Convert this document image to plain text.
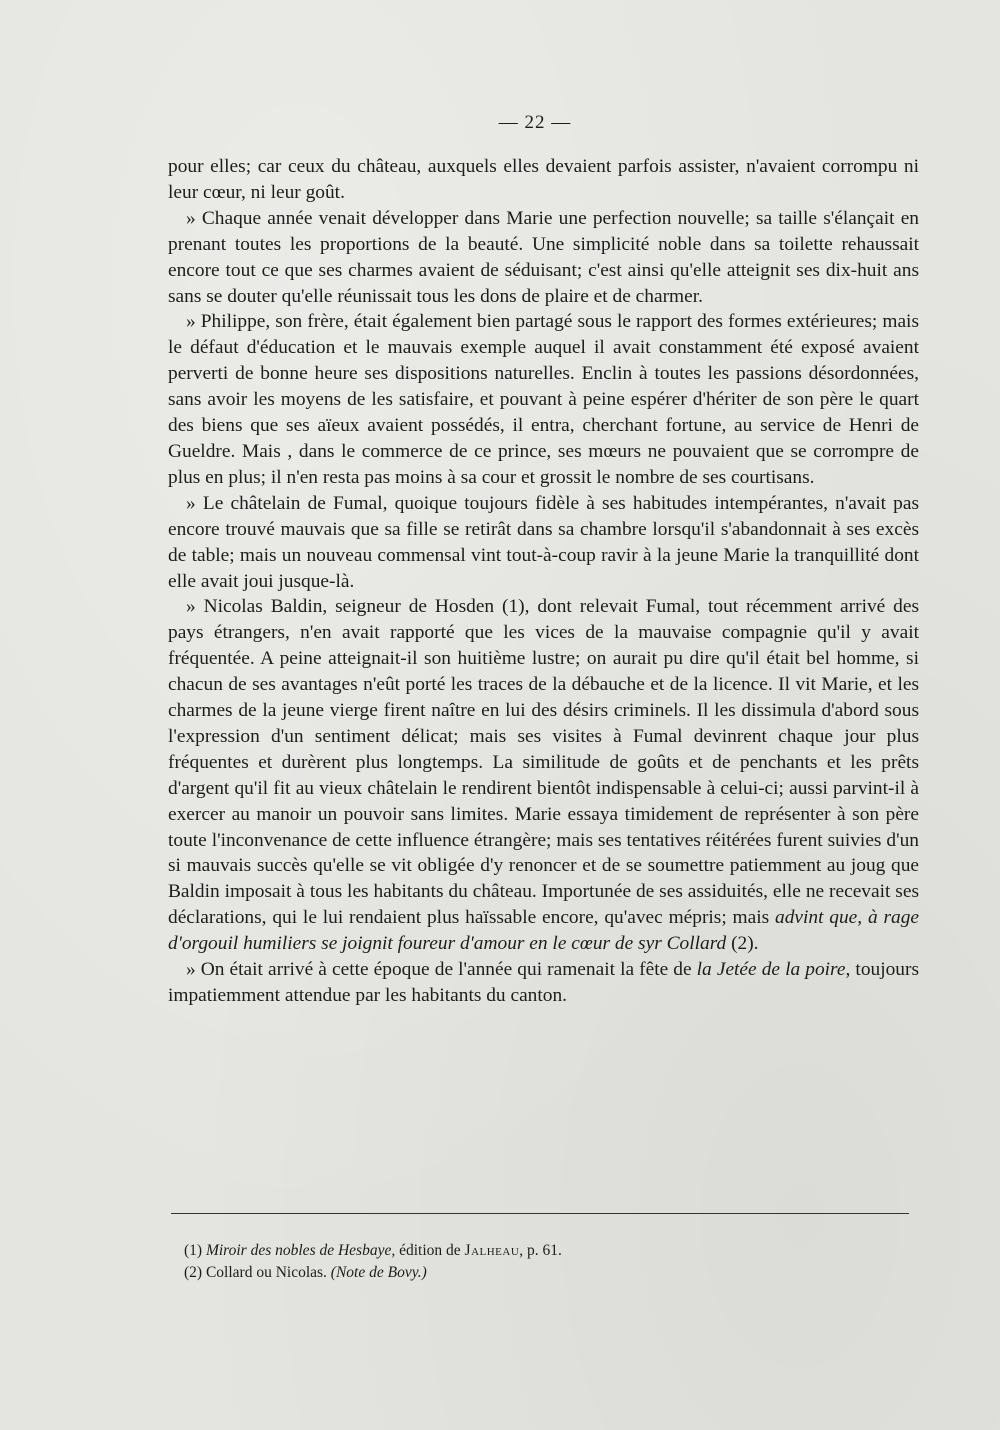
— 22 —

pour elles; car ceux du château, auxquels elles devaient parfois assister, n'avaient corrompu ni leur cœur, ni leur goût.

» Chaque année venait développer dans Marie une perfection nouvelle; sa taille s'élançait en prenant toutes les proportions de la beauté. Une simplicité noble dans sa toilette rehaussait encore tout ce que ses charmes avaient de séduisant; c'est ainsi qu'elle atteignit ses dix-huit ans sans se douter qu'elle réunissait tous les dons de plaire et de charmer.

» Philippe, son frère, était également bien partagé sous le rapport des formes extérieures; mais le défaut d'éducation et le mauvais exemple auquel il avait constamment été exposé avaient perverti de bonne heure ses dispositions naturelles. Enclin à toutes les passions désordonnées, sans avoir les moyens de les satisfaire, et pouvant à peine espérer d'hériter de son père le quart des biens que ses aïeux avaient possédés, il entra, cherchant fortune, au service de Henri de Gueldre. Mais , dans le commerce de ce prince, ses mœurs ne pouvaient que se corrompre de plus en plus; il n'en resta pas moins à sa cour et grossit le nombre de ses courtisans.

» Le châtelain de Fumal, quoique toujours fidèle à ses habitudes intempérantes, n'avait pas encore trouvé mauvais que sa fille se retirât dans sa chambre lorsqu'il s'abandonnait à ses excès de table; mais un nouveau commensal vint tout-à-coup ravir à la jeune Marie la tranquillité dont elle avait joui jusque-là.

» Nicolas Baldin, seigneur de Hosden (1), dont relevait Fumal, tout récemment arrivé des pays étrangers, n'en avait rapporté que les vices de la mauvaise compagnie qu'il y avait fréquentée. A peine atteignait-il son huitième lustre; on aurait pu dire qu'il était bel homme, si chacun de ses avantages n'eût porté les traces de la débauche et de la licence. Il vit Marie, et les charmes de la jeune vierge firent naître en lui des désirs criminels. Il les dissimula d'abord sous l'expression d'un sentiment délicat; mais ses visites à Fumal devinrent chaque jour plus fréquentes et durèrent plus longtemps. La similitude de goûts et de penchants et les prêts d'argent qu'il fit au vieux châtelain le rendirent bientôt indispensable à celui-ci; aussi parvint-il à exercer au manoir un pouvoir sans limites. Marie essaya timidement de représenter à son père toute l'inconvenance de cette influence étrangère; mais ses tentatives réitérées furent suivies d'un si mauvais succès qu'elle se vit obligée d'y renoncer et de se soumettre patiemment au joug que Baldin imposait à tous les habitants du château. Importunée de ses assiduités, elle ne recevait ses déclarations, qui le lui rendaient plus haïssable encore, qu'avec mépris; mais advint que, à rage d'orgouil humiliers se joignit foureur d'amour en le cœur de syr Collard (2).

» On était arrivé à cette époque de l'année qui ramenait la fête de la Jetée de la poire, toujours impatiemment attendue par les habitants du canton.

(1) Miroir des nobles de Hesbaye, édition de Jalheau, p. 61.

(2) Collard ou Nicolas. (Note de Bovy.)
